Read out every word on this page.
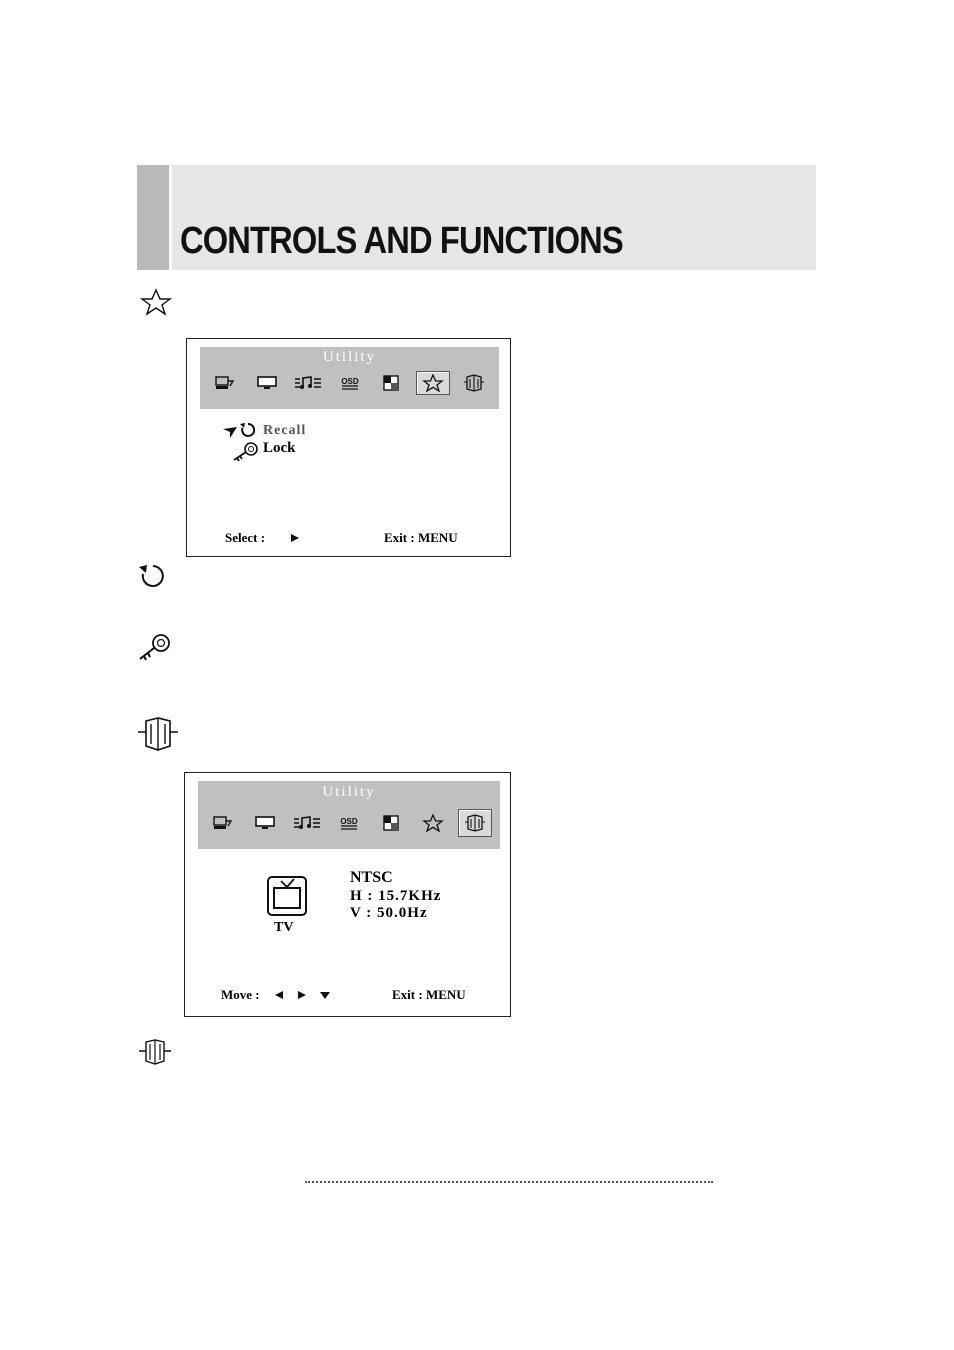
CONTROLS AND FUNCTIONS
Utility
OSD
Recall
Lock
Select :	Exit : MENU
Utility
OSD
TV
NTSC
H : 15.7KHz
V : 50.0Hz
Move :	Exit : MENU
